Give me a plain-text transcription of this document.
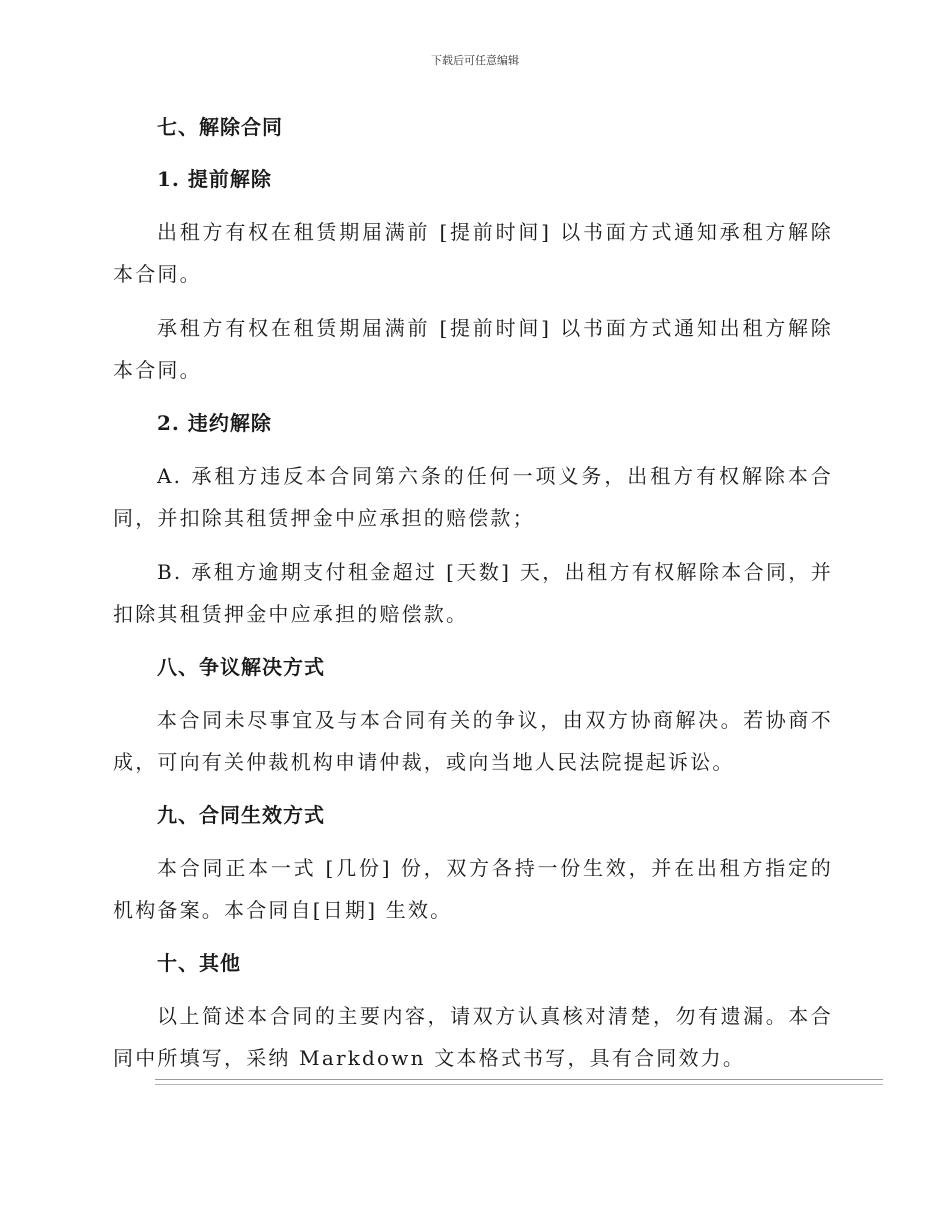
下载后可任意编辑
七、解除合同
1. 提前解除

出租方有权在租赁期届满前 [提前时间] 以书面方式通知承租方解除本合同。

承租方有权在租赁期届满前 [提前时间] 以书面方式通知出租方解除本合同。

2. 违约解除

A. 承租方违反本合同第六条的任何一项义务，出租方有权解除本合同，并扣除其租赁押金中应承担的赔偿款；

B. 承租方逾期支付租金超过 [天数] 天，出租方有权解除本合同，并扣除其租赁押金中应承担的赔偿款。

八、争议解决方式

本合同未尽事宜及与本合同有关的争议，由双方协商解决。若协商不成，可向有关仲裁机构申请仲裁，或向当地人民法院提起诉讼。

九、合同生效方式

本合同正本一式 [几份] 份，双方各持一份生效，并在出租方指定的机构备案。本合同自[日期] 生效。

十、其他

以上简述本合同的主要内容，请双方认真核对清楚，勿有遗漏。本合同中所填写，采纳 Markdown 文本格式书写，具有合同效力。
